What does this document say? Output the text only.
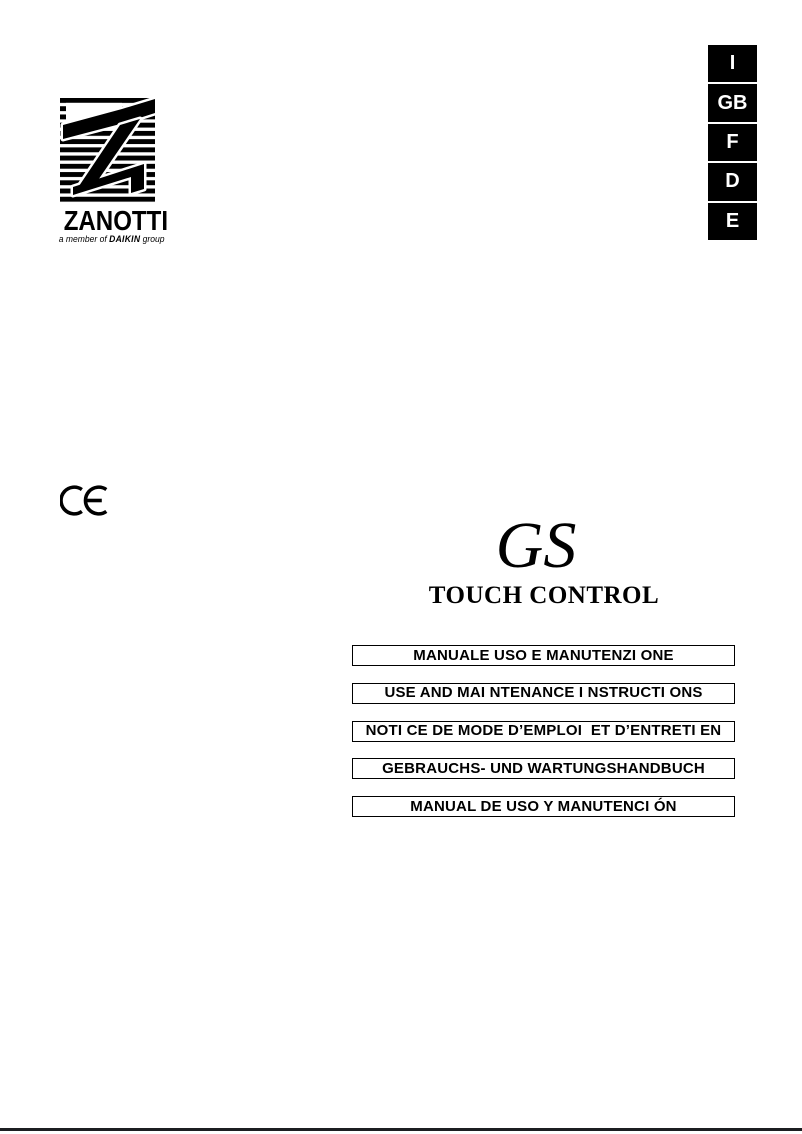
I
GB
F
D
E
ZANOTTI
a member of DAIKIN group
GS
TOUCH CONTROL
MANUALE USO E MANUTENZI ONE
USE AND MAI NTENANCE I NSTRUCTI ONS
NOTI CE DE MODE D’EMPLOI  ET D’ENTRETI EN
GEBRAUCHS- UND WARTUNGSHANDBUCH
MANUAL DE USO Y MANUTENCI ÓN
